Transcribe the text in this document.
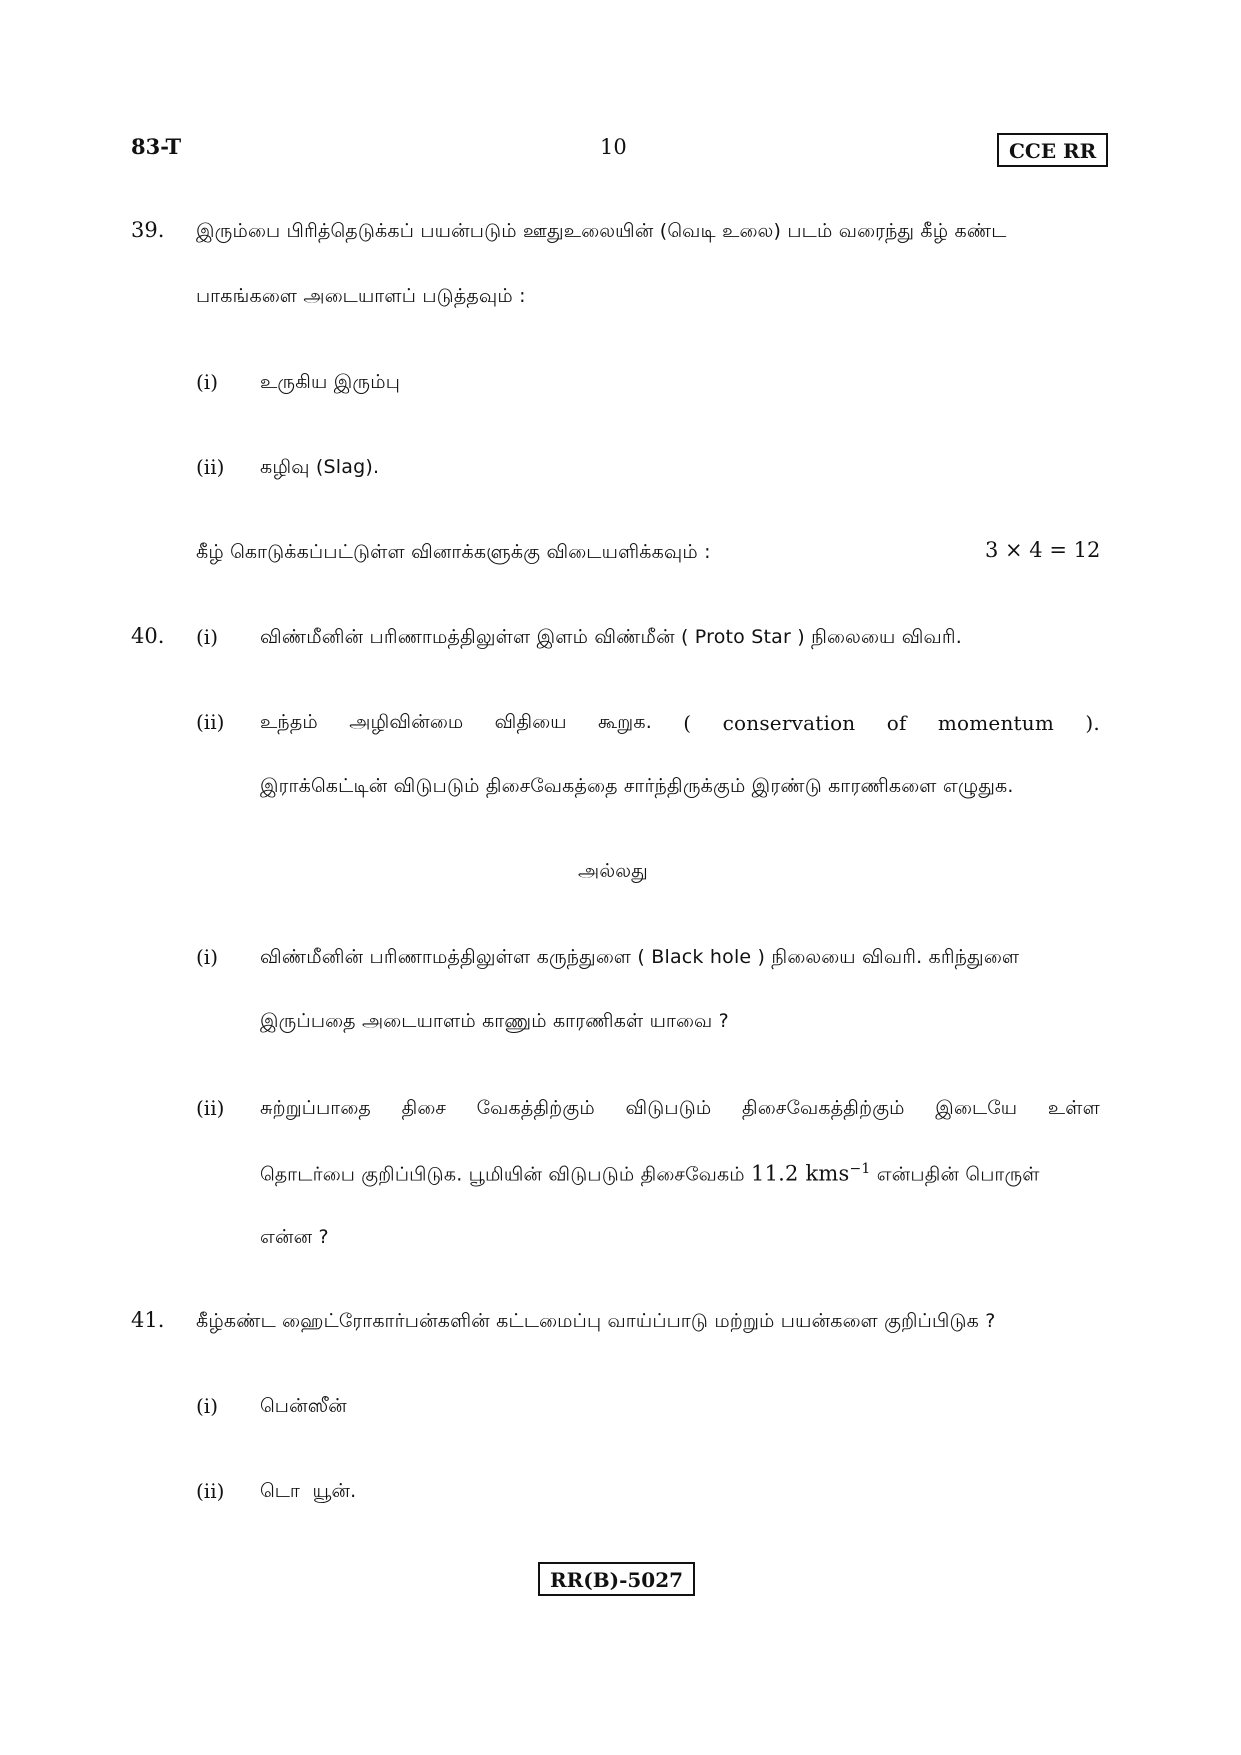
83-T	10	CCE RR
39. இரும்பை பிரித்தெடுக்கப் பயன்படும் ஊதுஉலையின் (வெடி உலை) படம் வரைந்து கீழ் கண்ட
பாகங்களை அடையாளப் படுத்தவும் :
(i) உருகிய இரும்பு
(ii) கழிவு (Slag).
கீழ் கொடுக்கப்பட்டுள்ள வினாக்களுக்கு விடையளிக்கவும் :	3 × 4 = 12
40. (i) விண்மீனின் பரிணாமத்திலுள்ள இளம் விண்மீன் ( Proto Star ) நிலையை விவரி.
(ii) உந்தம் அழிவின்மை விதியை கூறுக. ( conservation of momentum ).
இராக்கெட்டின் விடுபடும் திசைவேகத்தை சார்ந்திருக்கும் இரண்டு காரணிகளை எழுதுக.
அல்லது
(i) விண்மீனின் பரிணாமத்திலுள்ள கருந்துளை ( Black hole ) நிலையை விவரி. கரிந்துளை
இருப்பதை அடையாளம் காணும் காரணிகள் யாவை ?
(ii) சுற்றுப்பாதை திசை வேகத்திற்கும் விடுபடும் திசைவேகத்திற்கும் இடையே உள்ள
தொடர்பை குறிப்பிடுக. பூமியின் விடுபடும் திசைவேகம் 11.2 kms$^{-1}$ என்பதின் பொருள்
என்ன ?
41. கீழ்கண்ட ஹைட்ரோகார்பன்களின் கட்டமைப்பு வாய்ப்பாடு மற்றும் பயன்களை குறிப்பிடுக ?
(i) பென்ஸீன்
(ii) டொ  யூன்.
RR(B)-5027
